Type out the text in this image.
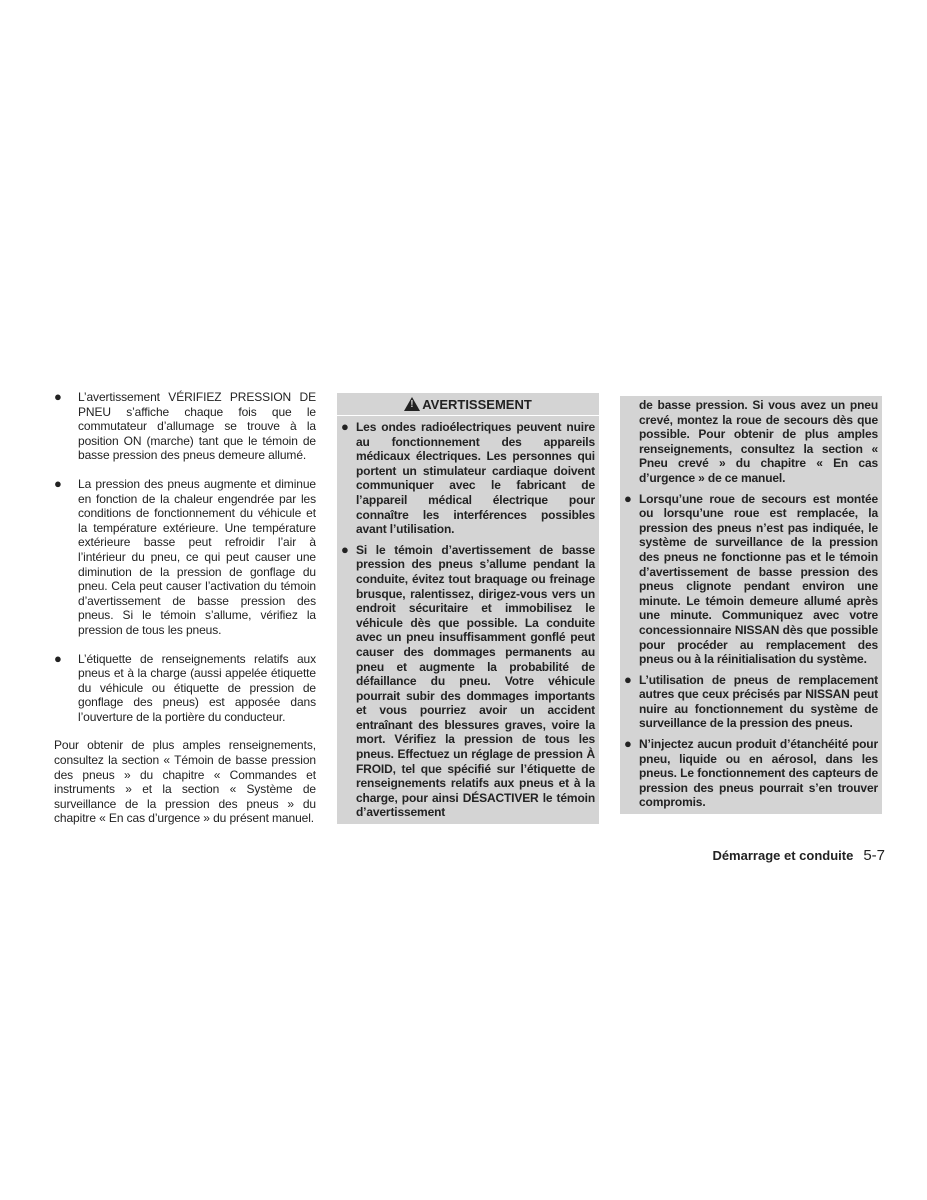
●	L’avertissement VÉRIFIEZ PRESSION DE PNEU s’affiche chaque fois que le commutateur d’allumage se trouve à la position ON (marche) tant que le témoin de basse pression des pneus demeure allumé.
●	La pression des pneus augmente et diminue en fonction de la chaleur engendrée par les conditions de fonctionnement du véhicule et la température extérieure. Une température extérieure basse peut refroidir l’air à l’intérieur du pneu, ce qui peut causer une diminution de la pression de gonflage du pneu. Cela peut causer l’activation du témoin d’avertissement de basse pression des pneus. Si le témoin s’allume, vérifiez la pression de tous les pneus.
●	L’étiquette de renseignements relatifs aux pneus et à la charge (aussi appelée étiquette du véhicule ou étiquette de pression de gonflage des pneus) est apposée dans l’ouverture de la portière du conducteur.
Pour obtenir de plus amples renseignements, consultez la section « Témoin de basse pression des pneus » du chapitre « Commandes et instruments » et la section « Système de surveillance de la pression des pneus » du chapitre « En cas d’urgence » du présent manuel.
! AVERTISSEMENT
● Les ondes radioélectriques peuvent nuire au fonctionnement des appareils médicaux électriques. Les personnes qui portent un stimulateur cardiaque doivent communiquer avec le fabricant de l’appareil médical électrique pour connaître les interférences possibles avant l’utilisation.
● Si le témoin d’avertissement de basse pression des pneus s’allume pendant la conduite, évitez tout braquage ou freinage brusque, ralentissez, dirigez-vous vers un endroit sécuritaire et immobilisez le véhicule dès que possible. La conduite avec un pneu insuffisamment gonflé peut causer des dommages permanents au pneu et augmente la probabilité de défaillance du pneu. Votre véhicule pourrait subir des dommages importants et vous pourriez avoir un accident entraînant des blessures graves, voire la mort. Vérifiez la pression de tous les pneus. Effectuez un réglage de pression À FROID, tel que spécifié sur l’étiquette de renseignements relatifs aux pneus et à la charge, pour ainsi DÉSACTIVER le témoin d’avertissement
de basse pression. Si vous avez un pneu crevé, montez la roue de secours dès que possible. Pour obtenir de plus amples renseignements, consultez la section « Pneu crevé » du chapitre « En cas d’urgence » de ce manuel.
● Lorsqu’une roue de secours est montée ou lorsqu’une roue est remplacée, la pression des pneus n’est pas indiquée, le système de surveillance de la pression des pneus ne fonctionne pas et le témoin d’avertissement de basse pression des pneus clignote pendant environ une minute. Le témoin demeure allumé après une minute. Communiquez avec votre concessionnaire NISSAN dès que possible pour procéder au remplacement des pneus ou à la réinitialisation du système.
● L’utilisation de pneus de remplacement autres que ceux précisés par NISSAN peut nuire au fonctionnement du système de surveillance de la pression des pneus.
● N’injectez aucun produit d’étanchéité pour pneu, liquide ou en aérosol, dans les pneus. Le fonctionnement des capteurs de pression des pneus pourrait s’en trouver compromis.
Démarrage et conduite 5-7
